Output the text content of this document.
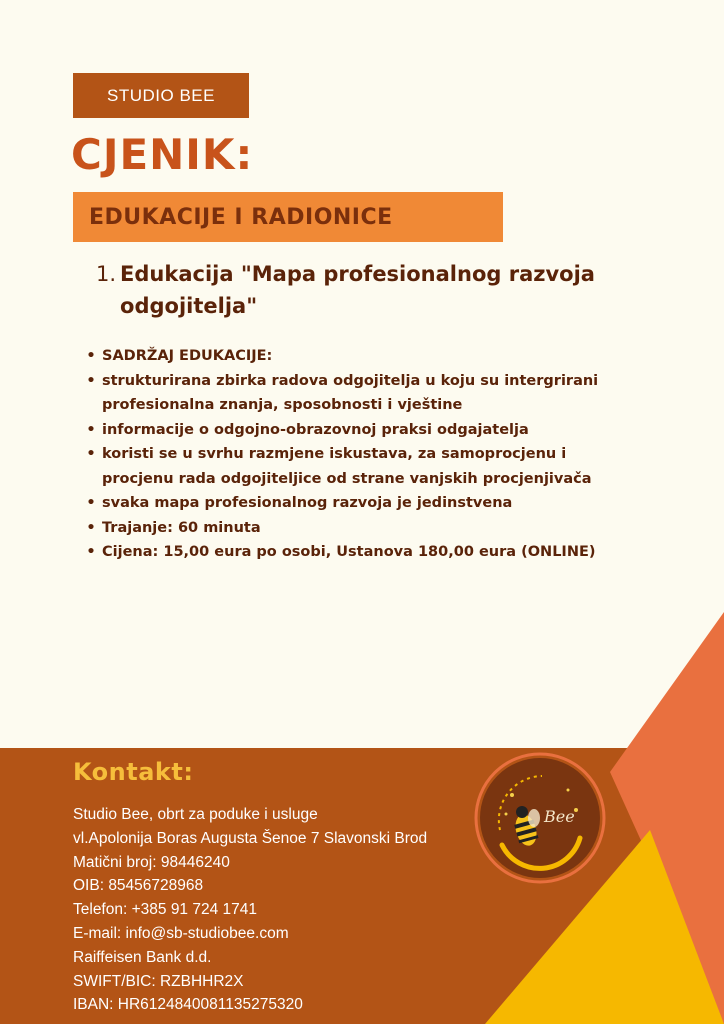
STUDIO BEE
CJENIK:
EDUKACIJE I RADIONICE
1. Edukacija "Mapa profesionalnog razvoja odgojitelja"
• SADRŽAJ EDUKACIJE:
• strukturirana zbirka radova odgojitelja u koju su intergrirani profesionalna znanja, sposobnosti i vještine
• informacije o odgojno-obrazovnoj praksi odgajatelja
• koristi se u svrhu razmjene iskustava, za samoprocjenu i procjenu rada odgojiteljice od strane vanjskih procjenjivača
• svaka mapa profesionalnog razvoja je jedinstvena
• Trajanje: 60 minuta
• Cijena: 15,00 eura po osobi, Ustanova 180,00 eura (ONLINE)
Kontakt:
Studio Bee, obrt za poduke i usluge
vl.Apolonija Boras Augusta Šenoe 7 Slavonski Brod
Matični broj: 98446240
OIB: 85456728968
Telefon: +385 91 724 1741
E-mail: info@sb-studiobee.com
Raiffeisen Bank d.d.
SWIFT/BIC: RZBHHR2X
IBAN: HR6124840081135275320
Bee
